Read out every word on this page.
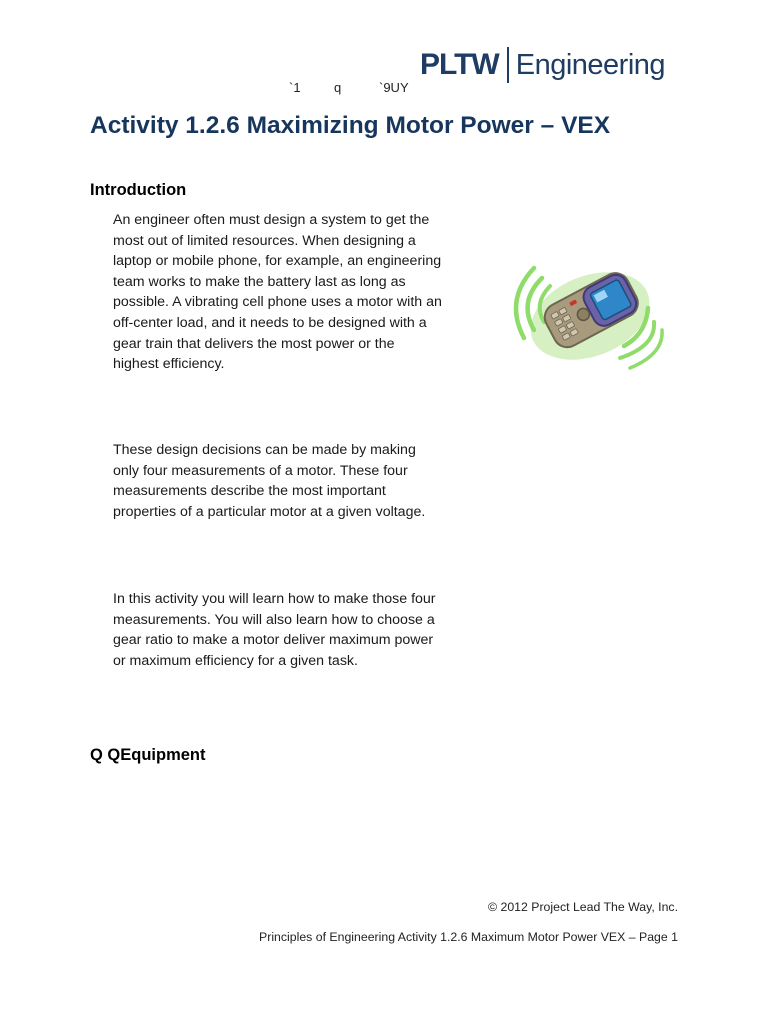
PLTW Engineering
`1	q	`9UY
Activity 1.2.6 Maximizing Motor Power – VEX
Introduction

An engineer often must design a system to get the most out of limited resources. When designing a laptop or mobile phone, for example, an engineering team works to make the battery last as long as possible. A vibrating cell phone uses a motor with an off-center load, and it needs to be designed with a gear train that delivers the most power or the highest efficiency.

These design decisions can be made by making only four measurements of a motor. These four measurements describe the most important properties of a particular motor at a given voltage.

In this activity you will learn how to make those four measurements. You will also learn how to choose a gear ratio to make a motor deliver maximum power or maximum efficiency for a given task.

Q QEquipment

© 2012 Project Lead The Way, Inc.

Principles of Engineering Activity 1.2.6 Maximum Motor Power VEX – Page 1
